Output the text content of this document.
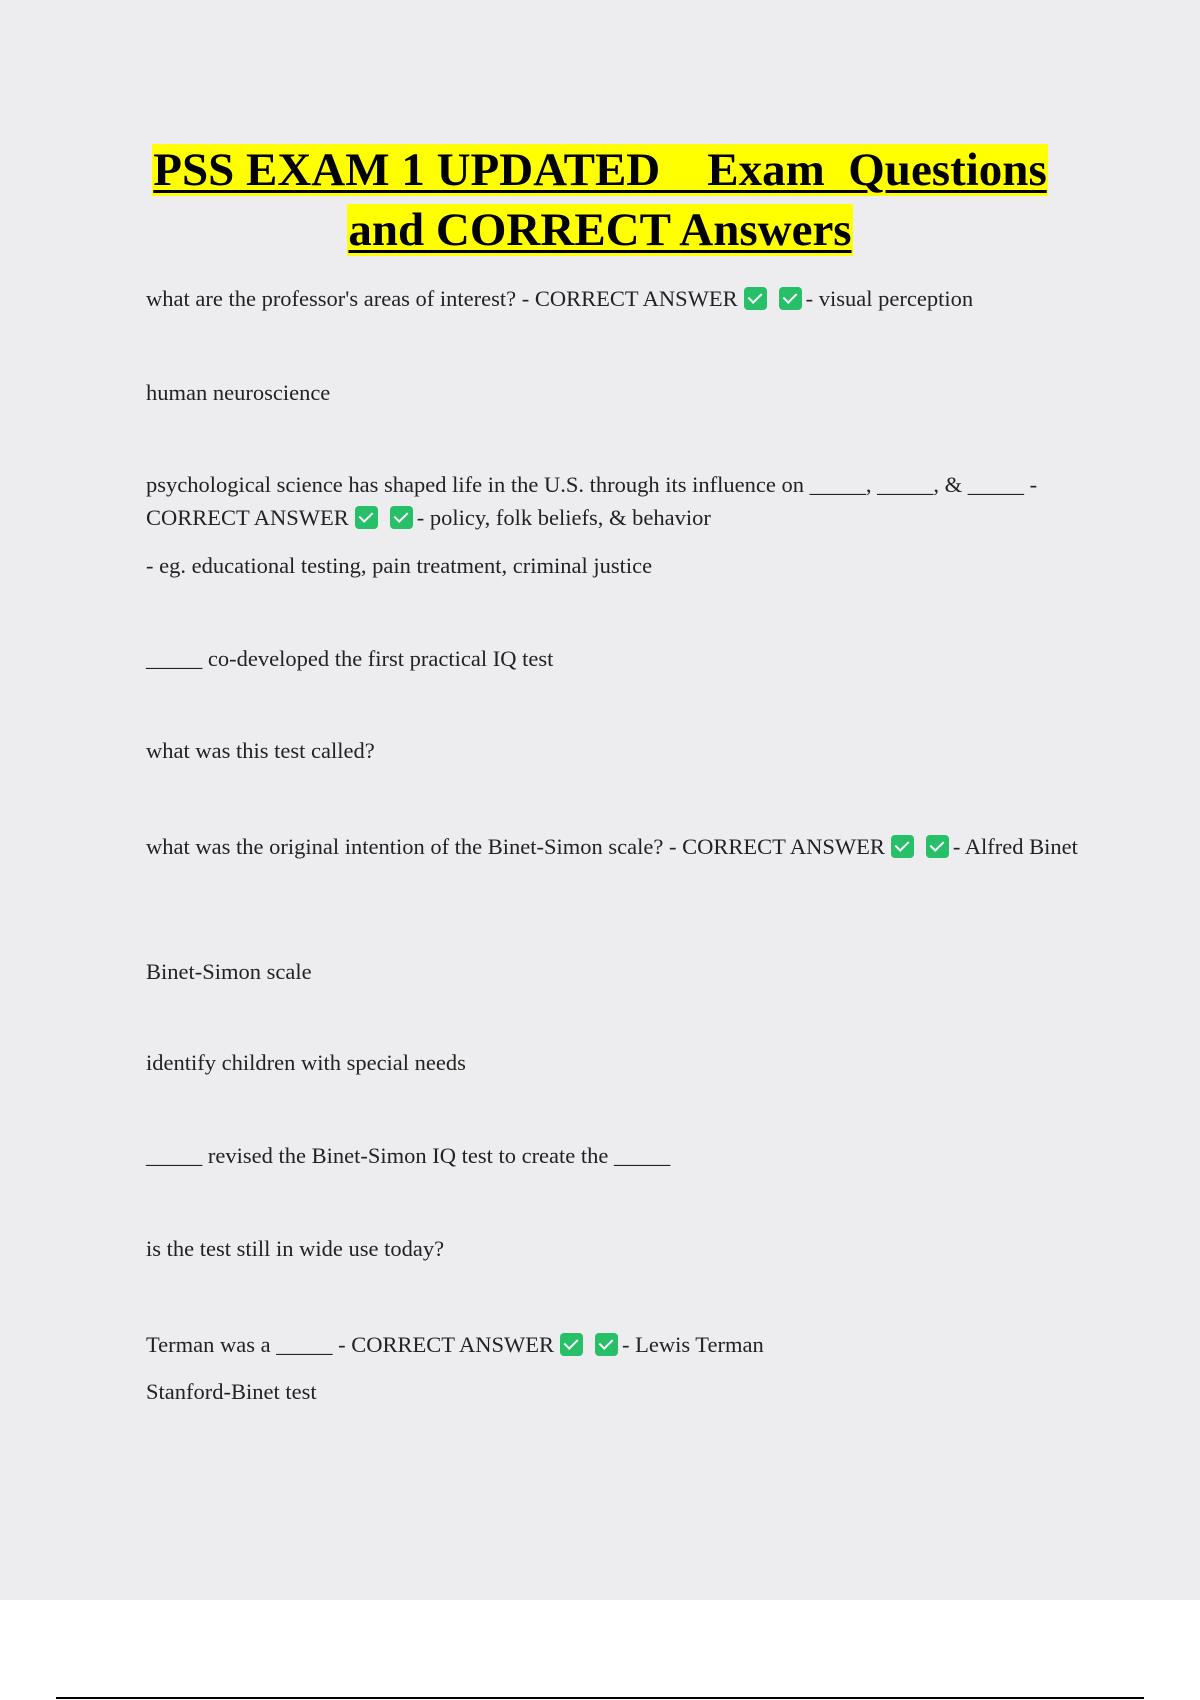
PSS EXAM 1 UPDATED    Exam  Questions
and CORRECT Answers
what are the professor's areas of interest? - CORRECT ANSWER	- visual perception
human neuroscience
psychological science has shaped life in the U.S. through its influence on _____, _____, & _____ - CORRECT ANSWER	- policy, folk beliefs, & behavior
- eg. educational testing, pain treatment, criminal justice
_____ co-developed the first practical IQ test
what was this test called?
what was the original intention of the Binet-Simon scale? - CORRECT ANSWER	- Alfred Binet
Binet-Simon scale
identify children with special needs
_____ revised the Binet-Simon IQ test to create the _____
is the test still in wide use today?
Terman was a _____ - CORRECT ANSWER	- Lewis Terman
Stanford-Binet test
